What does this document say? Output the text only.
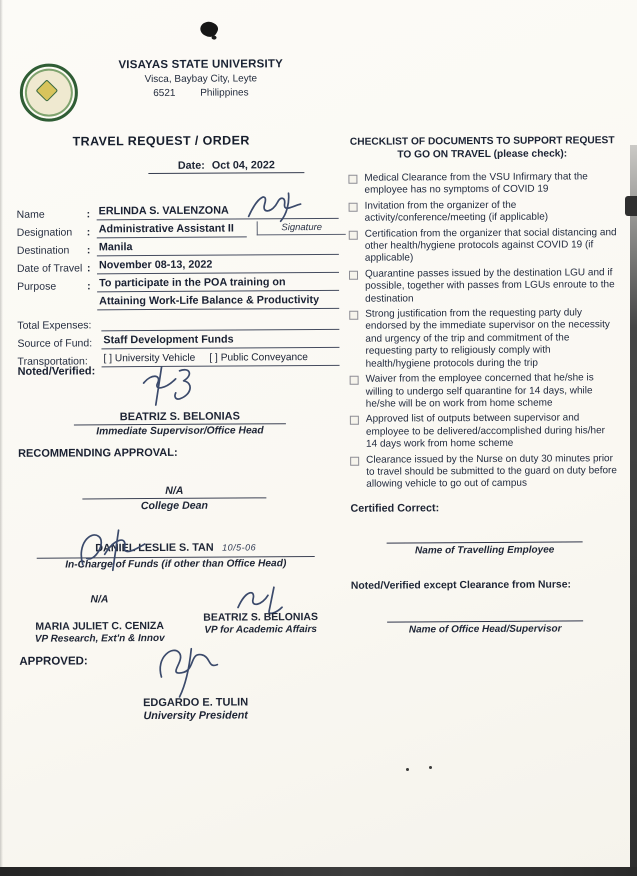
VISAYAS STATE UNIVERSITY
Visca, Baybay City, Leyte
6521 Philippines
TRAVEL REQUEST / ORDER
Date: Oct 04, 2022
Name	: ERLINDA S. VALENZONA
Designation	: Administrative Assistant II
Destination	: Manila
Date of Travel : November 08-13, 2022
Purpose	: To participate in the POA training on
Attaining Work-Life Balance & Productivity
Total Expenses:
Source of Fund:	Staff Development Funds
Transportation:	[ ] University Vehicle     [ ] Public Conveyance
Signature
Noted/Verified:
BEATRIZ S. BELONIAS
Immediate Supervisor/Office Head
RECOMMENDING APPROVAL:
N/A
College Dean
DANIEL LESLIE S. TAN 10/5-06
In-Charge of Funds (if other than Office Head)
N/A
MARIA JULIET C. CENIZA
VP Research, Ext'n & Innov
BEATRIZ S. BELONIAS
VP for Academic Affairs
APPROVED:
EDGARDO E. TULIN
University President
CHECKLIST OF DOCUMENTS TO SUPPORT REQUEST
TO GO ON TRAVEL (please check):
Medical Clearance from the VSU Infirmary that the employee has no symptoms of COVID 19
Invitation from the organizer of the activity/conference/meeting (if applicable)
Certification from the organizer that social distancing and other health/hygiene protocols against COVID 19 (if applicable)
Quarantine passes issued by the destination LGU and if possible, together with passes from LGUs enroute to the destination
Strong justification from the requesting party duly endorsed by the immediate supervisor on the necessity and urgency of the trip and commitment of the requesting party to religiously comply with health/hygiene protocols during the trip
Waiver from the employee concerned that he/she is willing to undergo self quarantine for 14 days, while he/she will be on work from home scheme
Approved list of outputs between supervisor and employee to be delivered/accomplished during his/her 14 days work from home scheme
Clearance issued by the Nurse on duty 30 minutes prior to travel should be submitted to the guard on duty before allowing vehicle to go out of campus
Certified Correct:
Name of Travelling Employee
Noted/Verified except Clearance from Nurse:
Name of Office Head/Supervisor
